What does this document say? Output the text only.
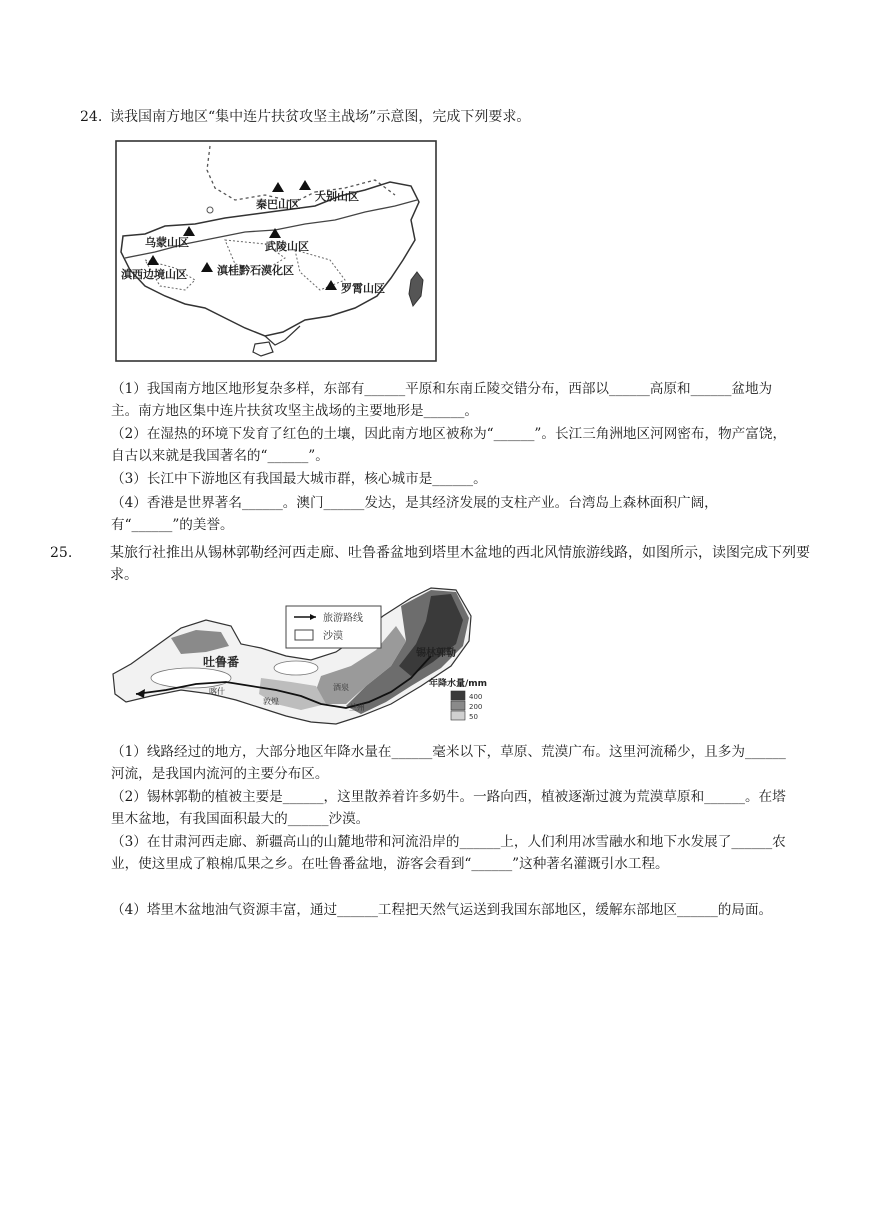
24. 读我国南方地区“集中连片扶贫攻坚主战场”示意图，完成下列要求。
秦巴山区
大别山区
乌蒙山区	武陵山区
滇西边境山区	滇桂黔石漠化区
罗霄山区
（1）我国南方地区地形复杂多样，东部有______平原和东南丘陵交错分布，西部以______高原和______盆地为主。南方地区集中连片扶贫攻坚主战场的主要地形是______。
（2）在湿热的环境下发育了红色的土壤，因此南方地区被称为“______”。长江三角洲地区河网密布，物产富饶，自古以来就是我国著名的“______”。
（3）长江中下游地区有我国最大城市群，核心城市是______。
（4）香港是世界著名______。澳门______发达，是其经济发展的支柱产业。台湾岛上森林面积广阔，有“______”的美誉。
25.	某旅行社推出从锡林郭勒经河西走廊、吐鲁番盆地到塔里木盆地的西北风情旅游线路，如图所示，读图完成下列要求。
旅游路线
沙漠
吐鲁番
锡林郭勒
喀什
敦煌
酒泉
兰州
年降水量/mm
400
200
50
（1）线路经过的地方，大部分地区年降水量在______毫米以下，草原、荒漠广布。这里河流稀少，且多为______河流，是我国内流河的主要分布区。
（2）锡林郭勒的植被主要是______，这里散养着许多奶牛。一路向西，植被逐渐过渡为荒漠草原和______。在塔里木盆地，有我国面积最大的______沙漠。
（3）在甘肃河西走廊、新疆高山的山麓地带和河流沿岸的______上，人们利用冰雪融水和地下水发展了______农业，使这里成了粮棉瓜果之乡。在吐鲁番盆地，游客会看到“______”这种著名灌溉引水工程。
（4）塔里木盆地油气资源丰富，通过______工程把天然气运送到我国东部地区，缓解东部地区______的局面。
